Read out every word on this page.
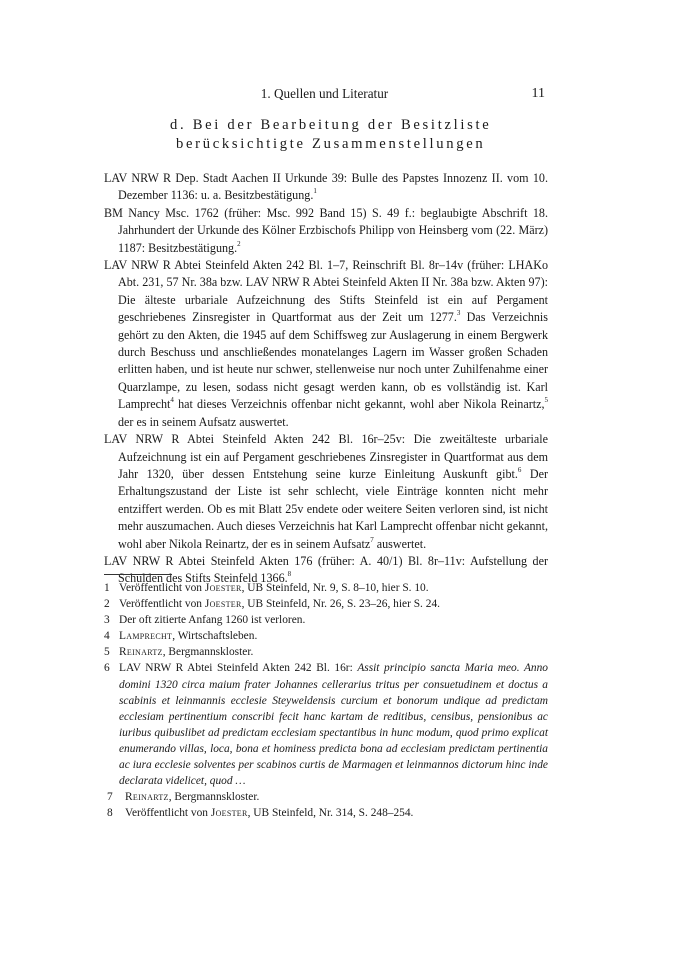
1. Quellen und Literatur	11
d. Bei der Bearbeitung der Besitzliste
berücksichtigte Zusammenstellungen

LAV NRW R Dep. Stadt Aachen II Urkunde 39: Bulle des Papstes Innozenz II. vom 10. Dezember 1136: u. a. Besitzbestätigung.$^1$

BM Nancy Msc. 1762 (früher: Msc. 992 Band 15) S. 49 f.: beglaubigte Abschrift 18. Jahrhundert der Urkunde des Kölner Erzbischofs Philipp von Heinsberg vom (22. März) 1187: Besitzbestätigung.$^2$

LAV NRW R Abtei Steinfeld Akten 242 Bl. 1–7, Reinschrift Bl. 8r–14v (früher: LHAKo Abt. 231, 57 Nr. 38a bzw. LAV NRW R Abtei Steinfeld Akten II Nr. 38a bzw. Akten 97): Die älteste urbariale Aufzeichnung des Stifts Steinfeld ist ein auf Pergament geschriebenes Zinsregister in Quartformat aus der Zeit um 1277.$^3$ Das Verzeichnis gehört zu den Akten, die 1945 auf dem Schiffsweg zur Auslagerung in einem Bergwerk durch Beschuss und anschließendes monatelanges Lagern im Wasser großen Schaden erlitten haben, und ist heute nur schwer, stellenweise nur noch unter Zuhilfenahme einer Quarzlampe, zu lesen, sodass nicht gesagt werden kann, ob es vollständig ist. Karl Lamprecht$^4$ hat dieses Verzeichnis offenbar nicht gekannt, wohl aber Nikola Reinartz,$^5$ der es in seinem Aufsatz auswertet.

LAV NRW R Abtei Steinfeld Akten 242 Bl. 16r–25v: Die zweitälteste urbariale Aufzeichnung ist ein auf Pergament geschriebenes Zinsregister in Quartformat aus dem Jahr 1320, über dessen Entstehung seine kurze Einleitung Auskunft gibt.$^6$ Der Erhaltungszustand der Liste ist sehr schlecht, viele Einträge konnten nicht mehr entziffert werden. Ob es mit Blatt 25v endete oder weitere Seiten verloren sind, ist nicht mehr auszumachen. Auch dieses Verzeichnis hat Karl Lamprecht offenbar nicht gekannt, wohl aber Nikola Reinartz, der es in seinem Aufsatz$^7$ auswertet.

LAV NRW R Abtei Steinfeld Akten 176 (früher: A. 40/1) Bl. 8r–11v: Aufstellung der Schulden des Stifts Steinfeld 1366.$^8$

1 Veröffentlicht von Joester, UB Steinfeld, Nr. 9, S. 8–10, hier S. 10.
2 Veröffentlicht von Joester, UB Steinfeld, Nr. 26, S. 23–26, hier S. 24.
3 Der oft zitierte Anfang 1260 ist verloren.
4 Lamprecht, Wirtschaftsleben.
5 Reinartz, Bergmannskloster.
6 LAV NRW R Abtei Steinfeld Akten 242 Bl. 16r: Assit principio sancta Maria meo. Anno domini 1320 circa maium frater Johannes cellerarius tritus per consuetudinem et doctus a scabinis et leinmannis ecclesie Steyweldensis curcium et bonorum undique ad predictam ecclesiam pertinentium conscribi fecit hanc kartam de reditibus, censibus, pensionibus ac iuribus quibuslibet ad predictam ecclesiam spectantibus in hunc modum, quod primo explicat enumerando villas, loca, bona et hominess predicta bona ad ecclesiam predictam pertinentia ac iura ecclesie solventes per scabinos curtis de Marmagen et leinmannos dictorum hinc inde declarata videlicet, quod …
7	Reinartz, Bergmannskloster.
8	Veröffentlicht von Joester, UB Steinfeld, Nr. 314, S. 248–254.
